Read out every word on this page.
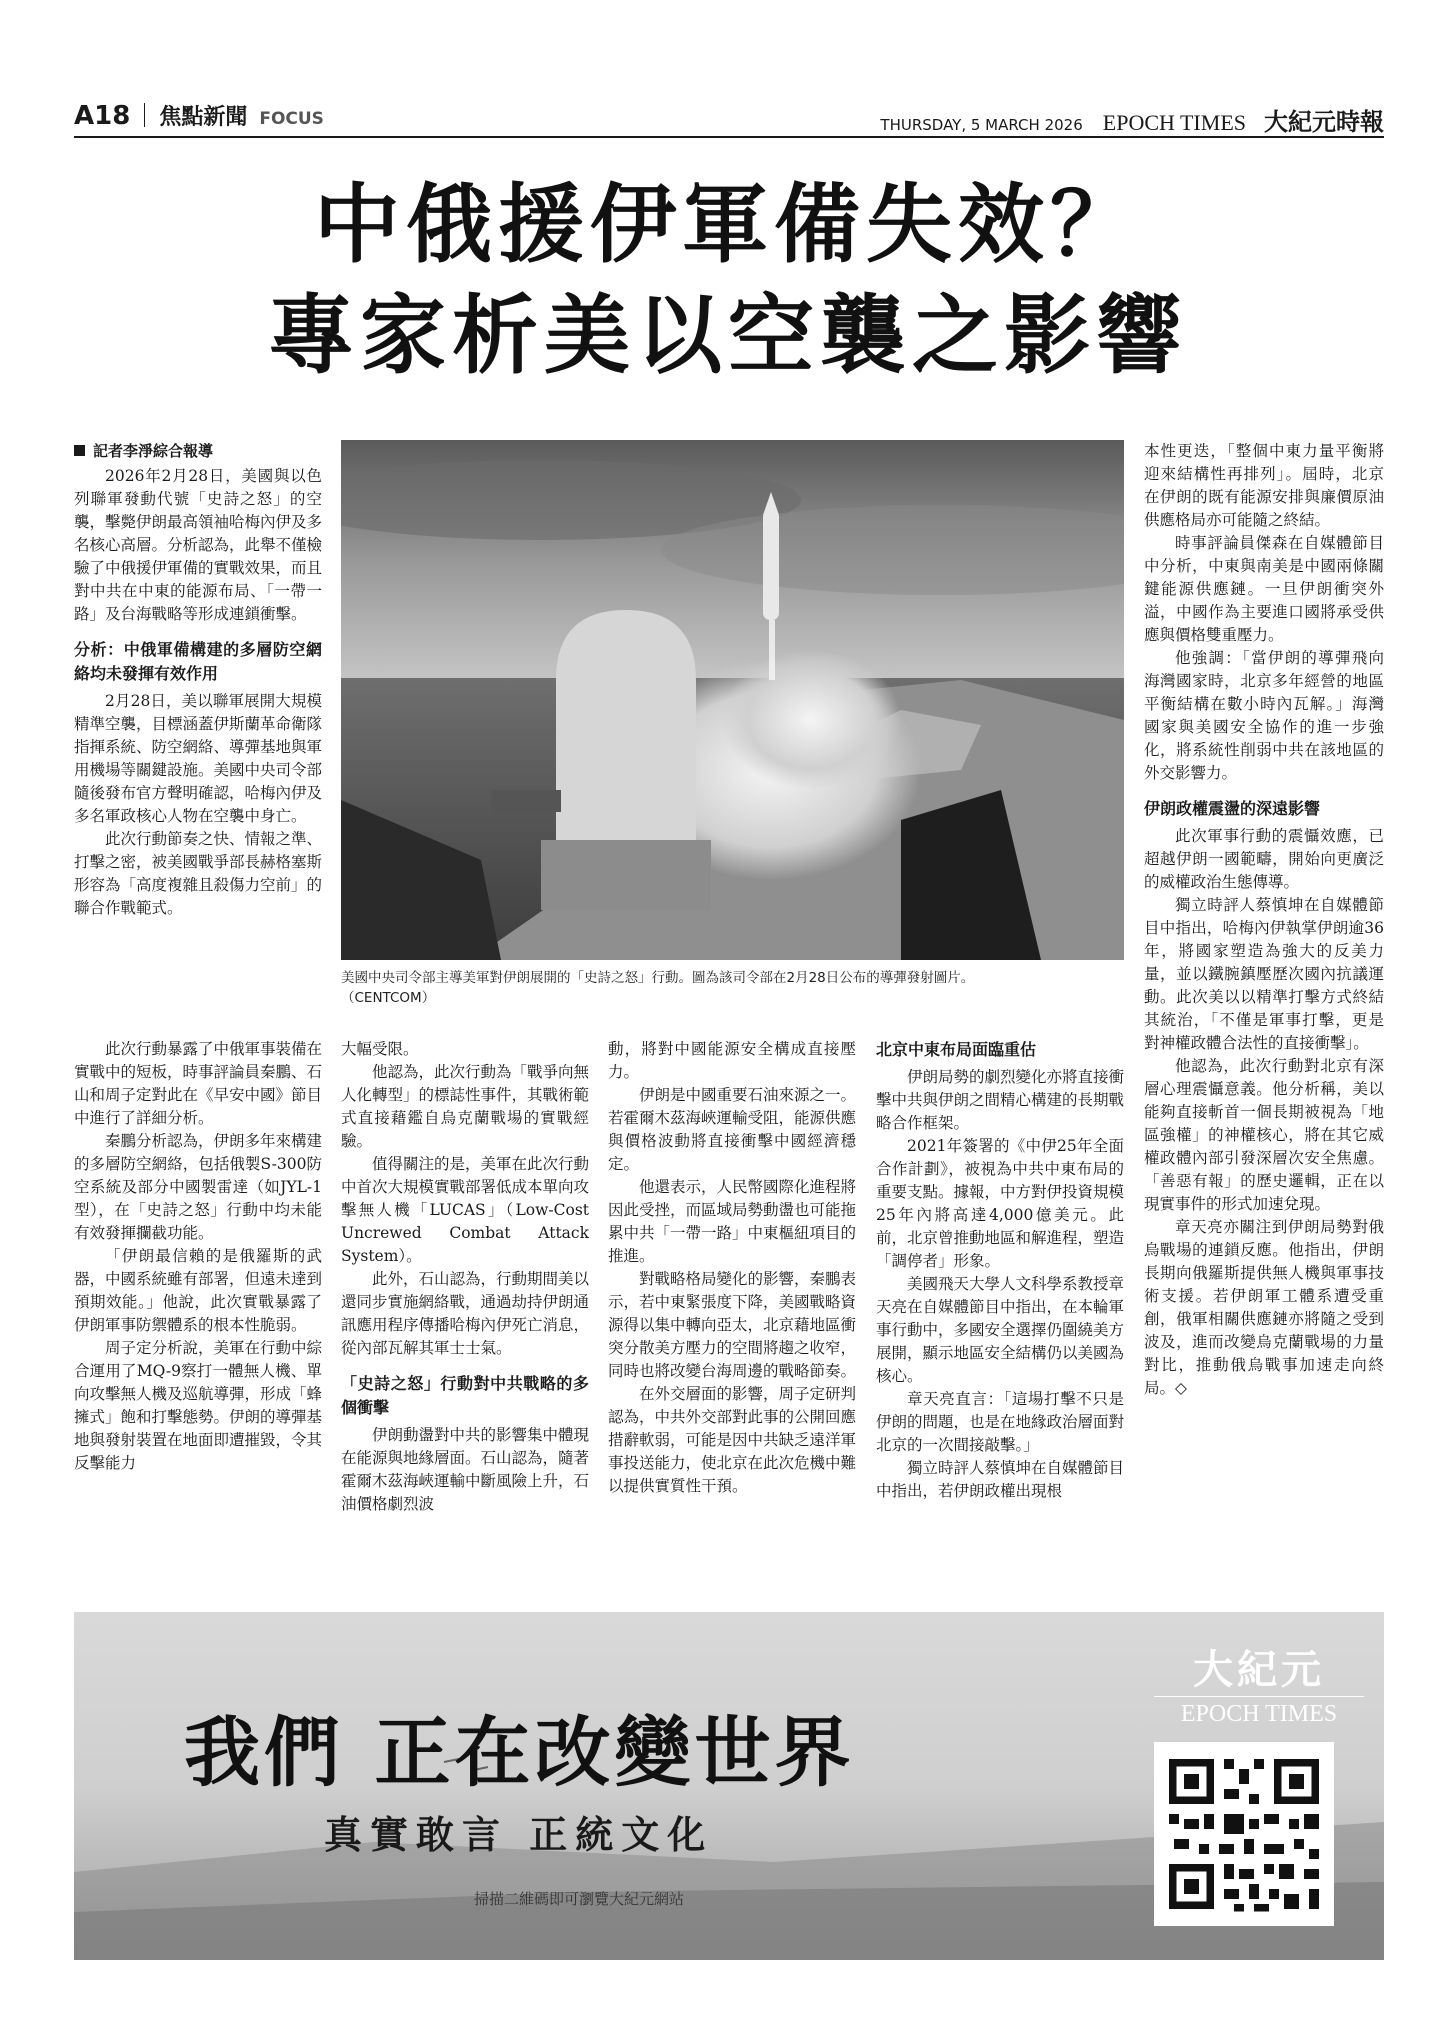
A18 焦點新聞 FOCUS	THURSDAY, 5 MARCH 2026 EPOCH TIMES 大紀元時報
中俄援伊軍備失效？
專家析美以空襲之影響
記者李淨綜合報導

2026年2月28日，美國與以色列聯軍發動代號「史詩之怒」的空襲，擊斃伊朗最高領袖哈梅內伊及多名核心高層。分析認為，此舉不僅檢驗了中俄援伊軍備的實戰效果，而且對中共在中東的能源布局、「一帶一路」及台海戰略等形成連鎖衝擊。

分析：中俄軍備構建的多層防空網絡均未發揮有效作用

2月28日，美以聯軍展開大規模精準空襲，目標涵蓋伊斯蘭革命衛隊指揮系統、防空網絡、導彈基地與軍用機場等關鍵設施。美國中央司令部隨後發布官方聲明確認，哈梅內伊及多名軍政核心人物在空襲中身亡。

此次行動節奏之快、情報之準、打擊之密，被美國戰爭部長赫格塞斯形容為「高度複雜且殺傷力空前」的聯合作戰範式。

此次行動暴露了中俄軍事裝備在實戰中的短板，時事評論員秦鵬、石山和周子定對此在《早安中國》節目中進行了詳細分析。

秦鵬分析認為，伊朗多年來構建的多層防空網絡，包括俄製S-300防空系統及部分中國製雷達（如JYL-1型），在「史詩之怒」行動中均未能有效發揮攔截功能。

「伊朗最信賴的是俄羅斯的武器，中國系統雖有部署，但遠未達到預期效能。」他說，此次實戰暴露了伊朗軍事防禦體系的根本性脆弱。

周子定分析說，美軍在行動中綜合運用了MQ-9察打一體無人機、單向攻擊無人機及巡航導彈，形成「蜂擁式」飽和打擊態勢。伊朗的導彈基地與發射裝置在地面即遭摧毀，令其反擊能力

美國中央司令部主導美軍對伊朗展開的「史詩之怒」行動。圖為該司令部在2月28日公布的導彈發射圖片。
（CENTCOM）

大幅受限。

他認為，此次行動為「戰爭向無人化轉型」的標誌性事件，其戰術範式直接藉鑑自烏克蘭戰場的實戰經驗。

值得關注的是，美軍在此次行動中首次大規模實戰部署低成本單向攻擊無人機「LUCAS」（Low-Cost Uncrewed Combat Attack System）。

此外，石山認為，行動期間美以還同步實施網絡戰，通過劫持伊朗通訊應用程序傳播哈梅內伊死亡消息，從內部瓦解其軍士士氣。

「史詩之怒」行動對中共戰略的多個衝擊

伊朗動盪對中共的影響集中體現在能源與地緣層面。石山認為，隨著霍爾木茲海峽運輸中斷風險上升，石油價格劇烈波

動，將對中國能源安全構成直接壓力。

伊朗是中國重要石油來源之一。若霍爾木茲海峽運輸受阻，能源供應與價格波動將直接衝擊中國經濟穩定。

他還表示，人民幣國際化進程將因此受挫，而區域局勢動盪也可能拖累中共「一帶一路」中東樞紐項目的推進。

對戰略格局變化的影響，秦鵬表示，若中東緊張度下降，美國戰略資源得以集中轉向亞太，北京藉地區衝突分散美方壓力的空間將趨之收窄，同時也將改變台海周邊的戰略節奏。

在外交層面的影響，周子定研判認為，中共外交部對此事的公開回應措辭軟弱，可能是因中共缺乏遠洋軍事投送能力，使北京在此次危機中難以提供實質性干預。

北京中東布局面臨重估

伊朗局勢的劇烈變化亦將直接衝擊中共與伊朗之間精心構建的長期戰略合作框架。

2021年簽署的《中伊25年全面合作計劃》，被視為中共中東布局的重要支點。據報，中方對伊投資規模25年內將高達4,000億美元。此前，北京曾推動地區和解進程，塑造「調停者」形象。

美國飛天大學人文科學系教授章天亮在自媒體節目中指出，在本輪軍事行動中，多國安全選擇仍圍繞美方展開，顯示地區安全結構仍以美國為核心。

章天亮直言：「這場打擊不只是伊朗的問題，也是在地緣政治層面對北京的一次間接敲擊。」

獨立時評人蔡慎坤在自媒體節目中指出，若伊朗政權出現根

本性更迭，「整個中東力量平衡將迎來結構性再排列」。屆時，北京在伊朗的既有能源安排與廉價原油供應格局亦可能隨之終結。

時事評論員傑森在自媒體節目中分析，中東與南美是中國兩條關鍵能源供應鏈。一旦伊朗衝突外溢，中國作為主要進口國將承受供應與價格雙重壓力。

他強調：「當伊朗的導彈飛向海灣國家時，北京多年經營的地區平衡結構在數小時內瓦解。」海灣國家與美國安全協作的進一步強化，將系統性削弱中共在該地區的外交影響力。

伊朗政權震盪的深遠影響

此次軍事行動的震懾效應，已超越伊朗一國範疇，開始向更廣泛的威權政治生態傳導。

獨立時評人蔡慎坤在自媒體節目中指出，哈梅內伊執掌伊朗逾36年，將國家塑造為強大的反美力量，並以鐵腕鎮壓歷次國內抗議運動。此次美以以精準打擊方式終結其統治，「不僅是軍事打擊，更是對神權政體合法性的直接衝擊」。

他認為，此次行動對北京有深層心理震懾意義。他分析稱，美以能夠直接斬首一個長期被視為「地區強權」的神權核心，將在其它威權政體內部引發深層次安全焦慮。「善惡有報」的歷史邏輯，正在以現實事件的形式加速兌現。

章天亮亦關注到伊朗局勢對俄烏戰場的連鎖反應。他指出，伊朗長期向俄羅斯提供無人機與軍事技術支援。若伊朗軍工體系遭受重創，俄軍相關供應鏈亦將隨之受到波及，進而改變烏克蘭戰場的力量對比，推動俄烏戰事加速走向終局。◇

我們 正在改變世界
真實敢言 正統文化
掃描二維碼即可瀏覽大紀元網站
大紀元
EPOCH TIMES
